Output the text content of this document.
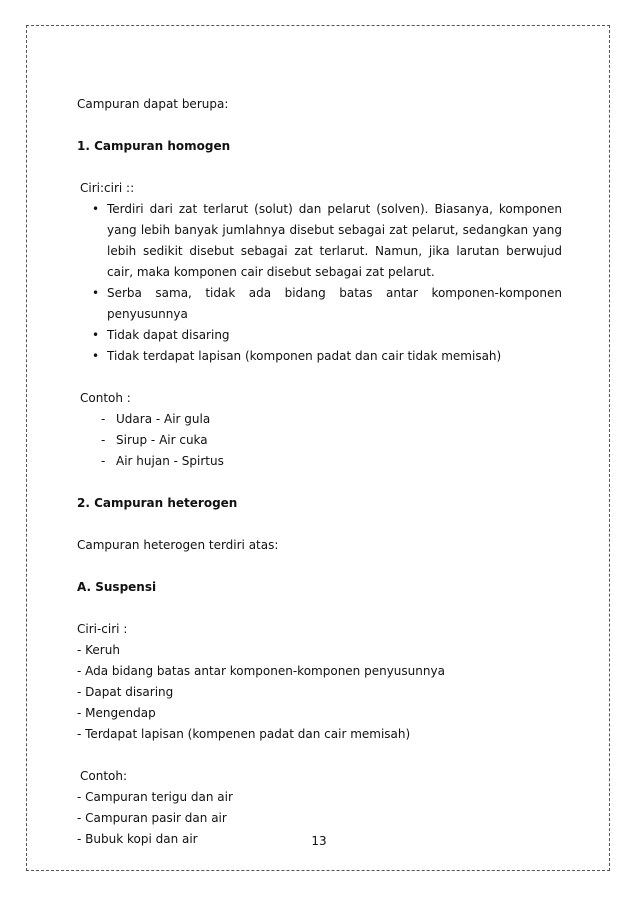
Campuran dapat berupa:

1. Campuran homogen

Ciri:ciri ::

• Terdiri dari zat terlarut (solut) dan pelarut (solven). Biasanya, komponen yang lebih banyak jumlahnya disebut sebagai zat pelarut, sedangkan yang lebih sedikit disebut sebagai zat terlarut. Namun, jika larutan berwujud cair, maka komponen cair disebut sebagai zat pelarut.
• Serba sama, tidak ada bidang batas antar komponen-komponen penyusunnya
• Tidak dapat disaring
• Tidak terdapat lapisan (komponen padat dan cair tidak memisah)

Contoh :

- Udara - Air gula
- Sirup - Air cuka
- Air hujan - Spirtus

2. Campuran heterogen

Campuran heterogen terdiri atas:

A. Suspensi

Ciri-ciri :

- Keruh

- Ada bidang batas antar komponen-komponen penyusunnya

- Dapat disaring

- Mengendap

- Terdapat lapisan (kompenen padat dan cair memisah)

Contoh:

- Campuran terigu dan air

- Campuran pasir dan air

- Bubuk kopi dan air	13
